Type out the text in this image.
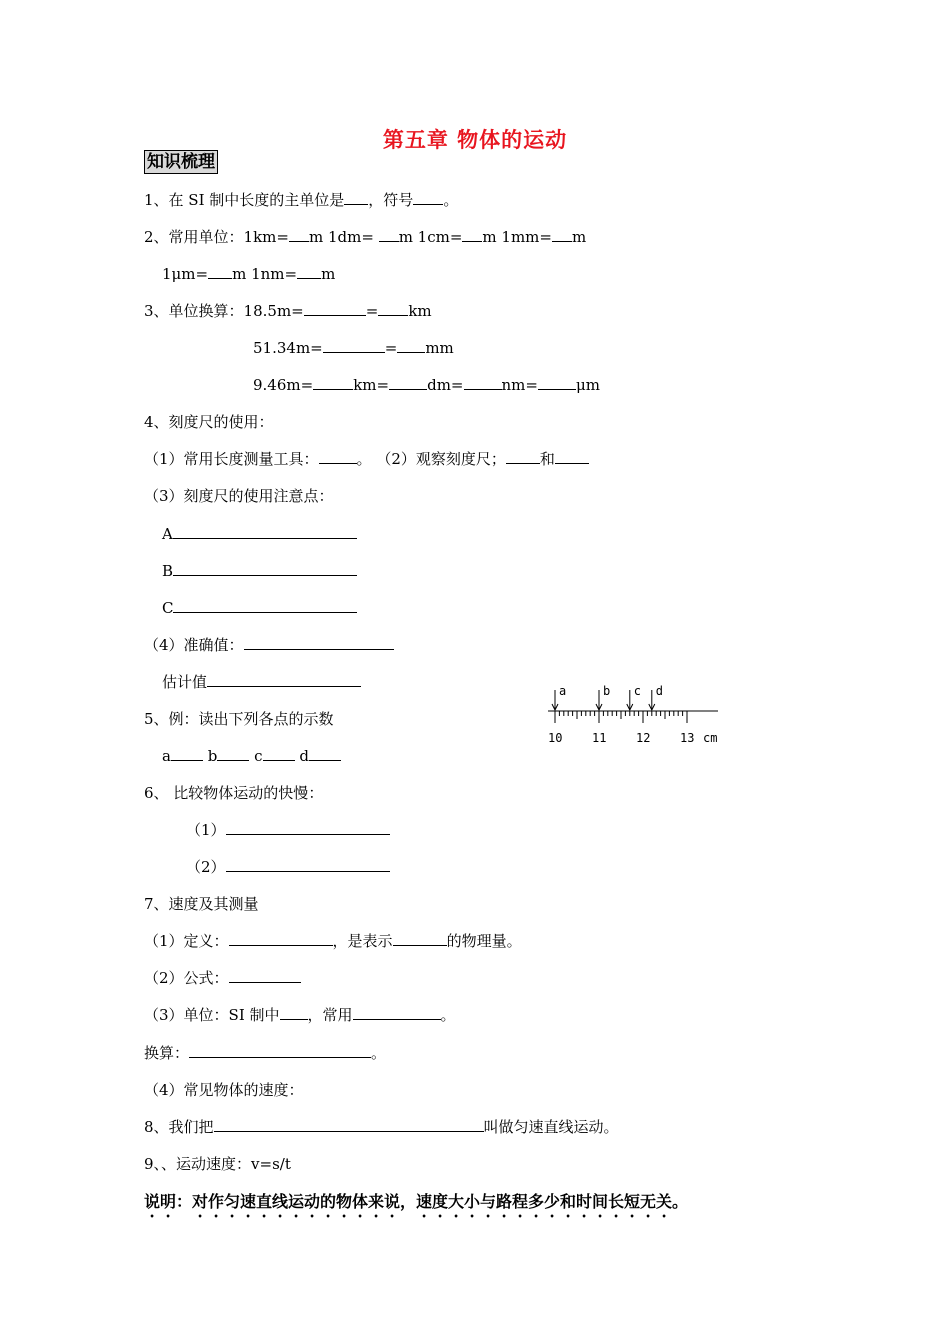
第五章 物体的运动
知识梳理
1、在 SI 制中长度的主单位是 ，符号 。
2、常用单位：1km= m 1dm= m 1cm= m 1mm= m
1μm= m 1nm= m
3、单位换算：18.5m=	= km
51.34m=	= mm
9.46m=	km=	dm=	nm=	μm
4、刻度尺的使用：
（1）常用长度测量工具：	。 （2）观察刻度尺； 和
（3）刻度尺的使用注意点：
A
B
C
（4）准确值：
估计值
5、例：读出下列各点的示数
a b c d
10 11 12 13 cm
a	b c d
6、 比较物体运动的快慢：
（1）
（2）
7、速度及其测量
（1）定义：	，是表示	的物理量。
（2）公式：
（3）单位：SI 制中 ，常用	。
换算：	。
（4）常见物体的速度：
8、我们把	叫做匀速直线运动。
9、、运动速度：v=s/t
说明：对作匀速直线运动的物体来说，速度大小与路程多少和时间长短无关。
